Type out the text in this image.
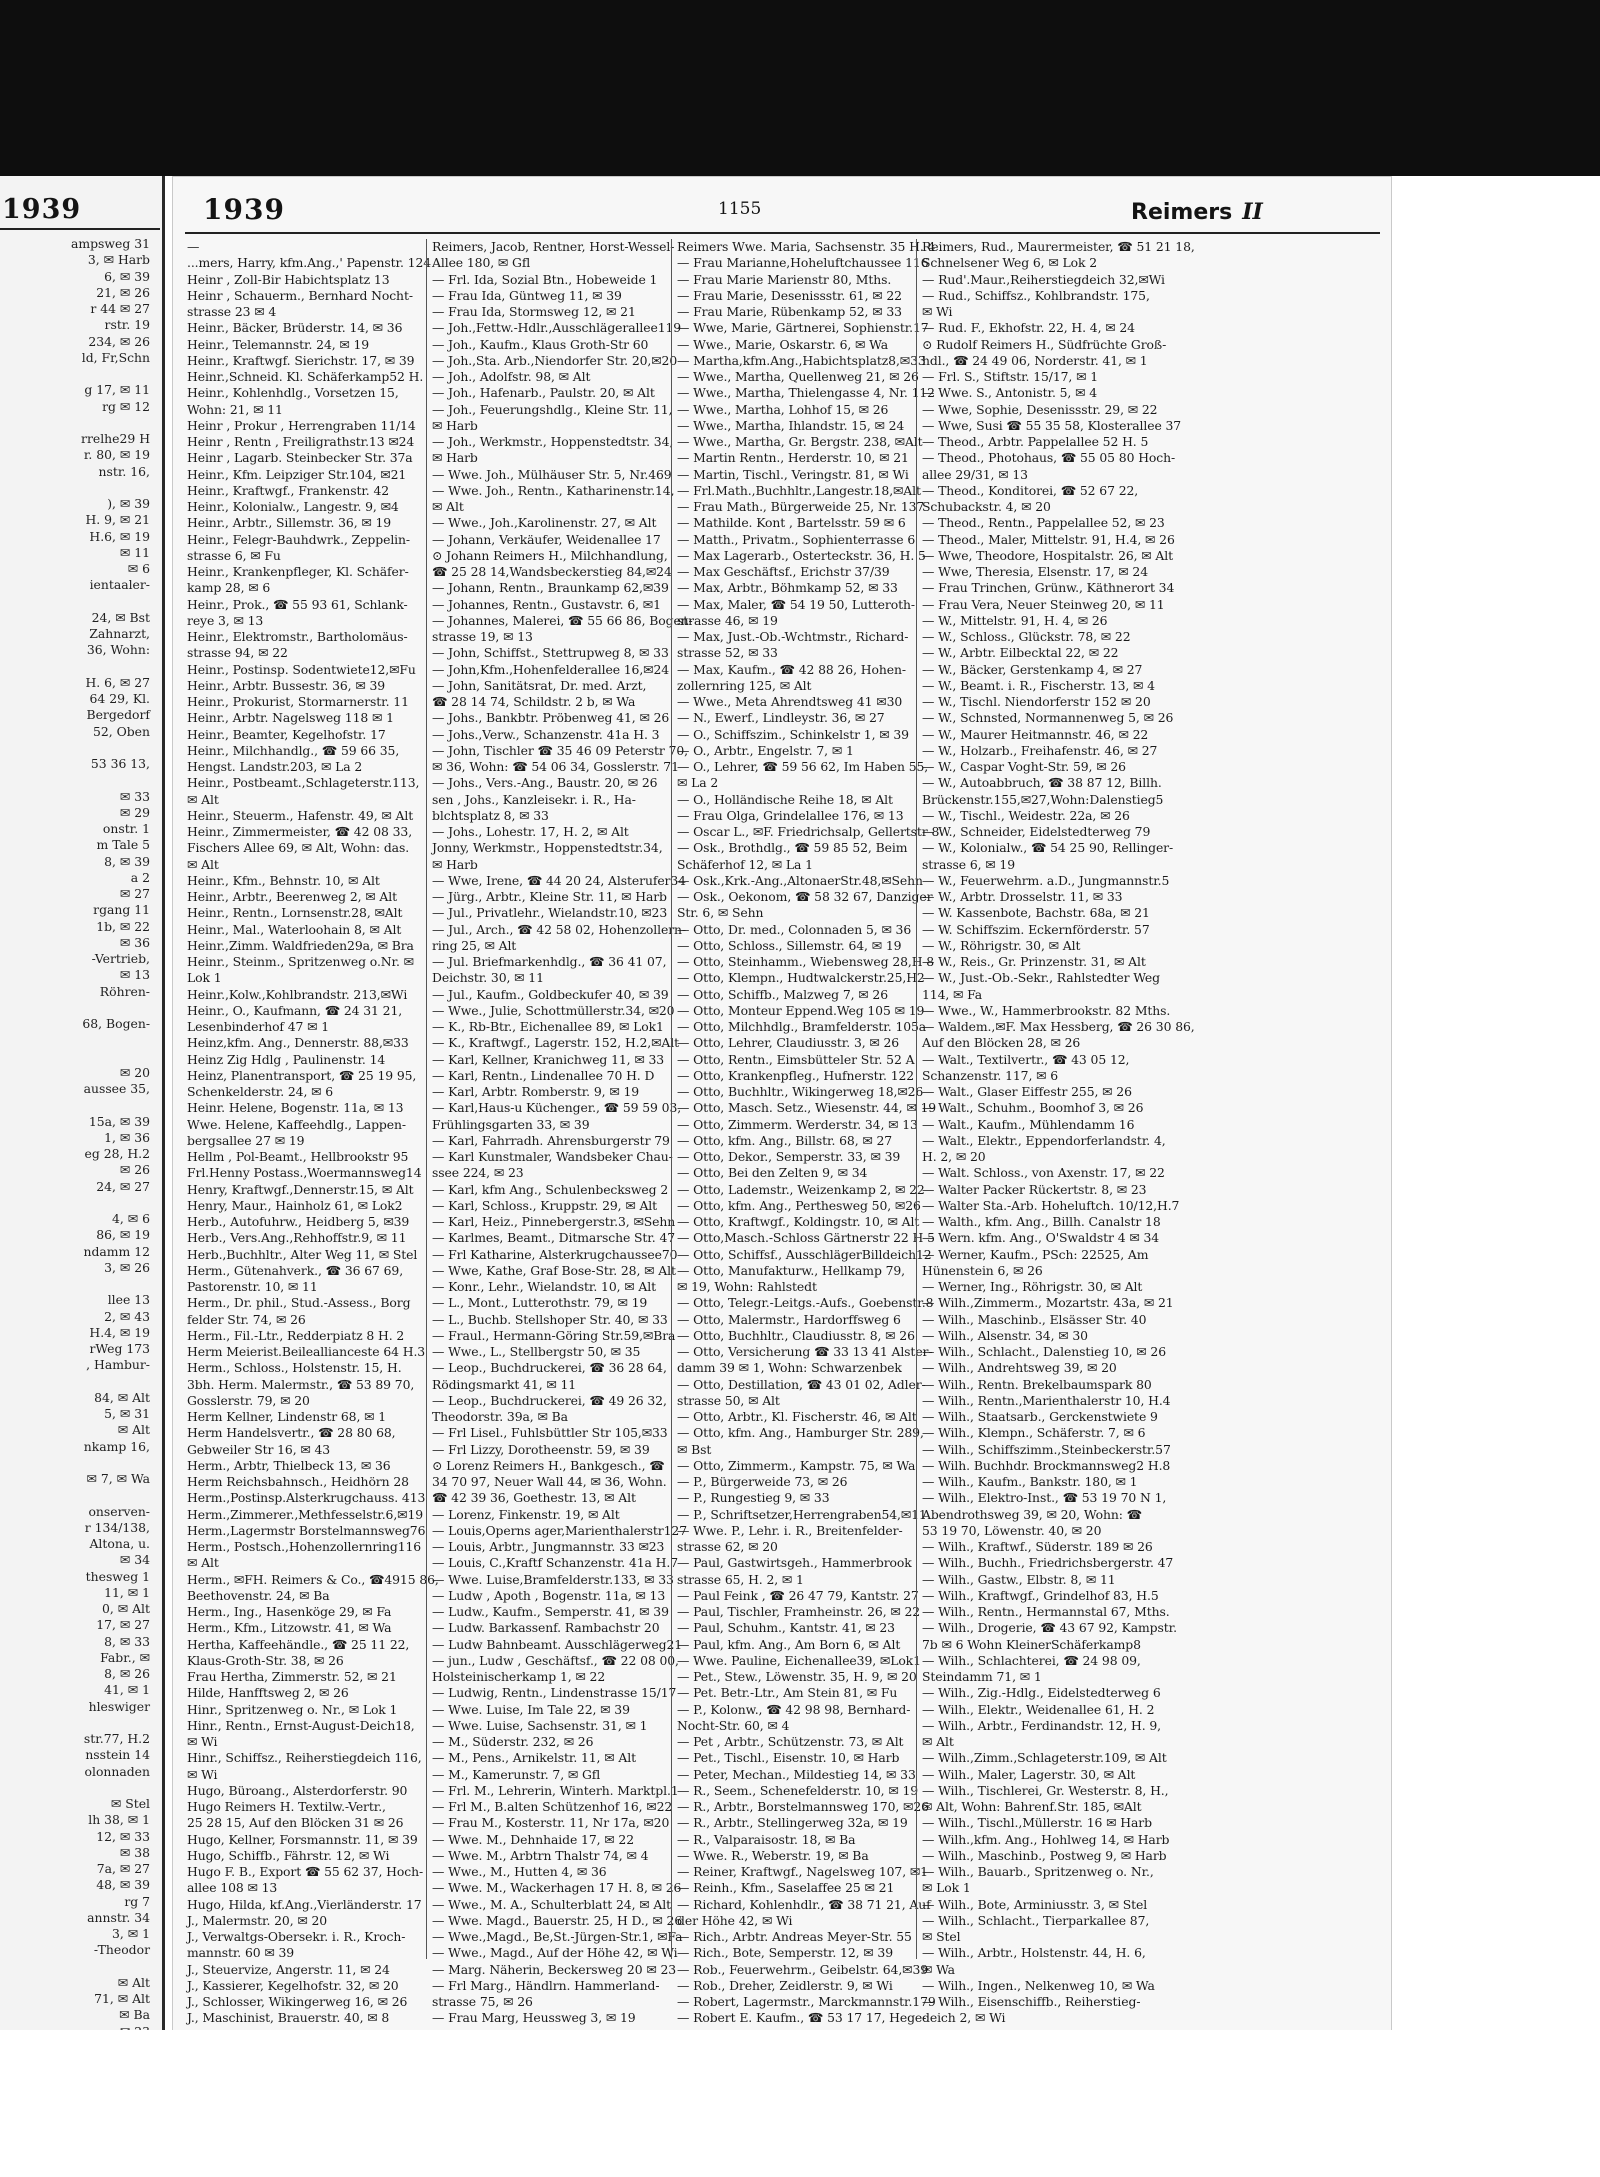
1939
ampsweg 31
3, ✉ Harb
6, ✉ 39
21, ✉ 26
r 44 ✉ 27
rstr. 19
234, ✉ 26
ld, Fr,Schn

g 17, ✉ 11
rg ✉ 12

rrelhe29 H
r. 80, ✉ 19
nstr. 16,

), ✉ 39
H. 9, ✉ 21
H.6, ✉ 19
✉ 11
✉ 6
ientaaler-

24, ✉ Bst
Zahnarzt,
36, Wohn:

H. 6, ✉ 27
64 29, Kl.
Bergedorf
52, Oben

53 36 13,

✉ 33
✉ 29
onstr. 1
m Tale 5
8, ✉ 39
a 2
✉ 27
rgang 11
1b, ✉ 22
✉ 36
-Vertrieb,
✉ 13
Röhren-

68, Bogen-

✉ 20
aussee 35,

15a, ✉ 39
1, ✉ 36
eg 28, H.2
✉ 26
24, ✉ 27

4, ✉ 6
86, ✉ 19
ndamm 12
3, ✉ 26

llee 13
2, ✉ 43
H.4, ✉ 19
rWeg 173
, Hambur-

84, ✉ Alt
5, ✉ 31
✉ Alt
nkamp 16,

✉ 7, ✉ Wa

onserven-
r 134/138,
Altona, u.
✉ 34
thesweg 1
11, ✉ 1
0, ✉ Alt
17, ✉ 27
8, ✉ 33
Fabr., ✉
8, ✉ 26
41, ✉ 1
hleswiger

str.77, H.2
nsstein 14
olonnaden

✉ Stel
lh 38, ✉ 1
12, ✉ 33
✉ 38
7a, ✉ 27
48, ✉ 39
rg 7
annstr. 34
3, ✉ 1
-Theodor

✉ Alt
71, ✉ Alt
✉ Ba

1939	1155	Reimers II
—
...mers, Harry, kfm.Ang.,' Papenstr. 124
Heinr , Zoll-Bir Habichtsplatz 13
Heinr , Schauerm., Bernhard Nocht-
strasse 23 ✉ 4
Heinr., Bäcker, Brüderstr. 14, ✉ 36
Heinr., Telemannstr. 24, ✉ 19
Heinr., Kraftwgf. Sierichstr. 17, ✉ 39
Heinr.,Schneid. Kl. Schäferkamp52 H.
Heinr., Kohlenhdlg., Vorsetzen 15,
Wohn: 21, ✉ 11
Heinr , Prokur , Herrengraben 11/14
Heinr , Rentn , Freiligrathstr.13 ✉24
Heinr , Lagarb. Steinbecker Str. 37a
Heinr., Kfm. Leipziger Str.104, ✉21
Heinr., Kraftwgf., Frankenstr. 42
Heinr., Kolonialw., Langestr. 9, ✉4
Heinr., Arbtr., Sillemstr. 36, ✉ 19
Heinr., Felegr-Bauhdwrk., Zeppelin-
strasse 6, ✉ Fu
Heinr., Krankenpfleger, Kl. Schäfer-
kamp 28, ✉ 6
Heinr., Prok., ☎ 55 93 61, Schlank-
reye 3, ✉ 13
Heinr., Elektromstr., Bartholomäus-
strasse 94, ✉ 22
Heinr., Postinsp. Sodentwiete12,✉Fu
Heinr., Arbtr. Bussestr. 36, ✉ 39
Heinr., Prokurist, Stormarnerstr. 11
Heinr., Arbtr. Nagelsweg 118 ✉ 1
Heinr., Beamter, Kegelhofstr. 17
Heinr., Milchhandlg., ☎ 59 66 35,
Hengst. Landstr.203, ✉ La 2
Heinr., Postbeamt.,Schlageterstr.113,
✉ Alt
Heinr., Steuerm., Hafenstr. 49, ✉ Alt
Heinr., Zimmermeister, ☎ 42 08 33,
Fischers Allee 69, ✉ Alt, Wohn: das.
✉ Alt
Heinr., Kfm., Behnstr. 10, ✉ Alt
Heinr., Arbtr., Beerenweg 2, ✉ Alt
Heinr., Rentn., Lornsenstr.28, ✉Alt
Heinr., Mal., Waterloohain 8, ✉ Alt
Heinr.,Zimm. Waldfrieden29a, ✉ Bra
Heinr., Steinm., Spritzenweg o.Nr. ✉
Lok 1
Heinr.,Kolw.,Kohlbrandstr. 213,✉Wi
Heinr., O., Kaufmann, ☎ 24 31 21,
Lesenbinderhof 47 ✉ 1
Heinz,kfm. Ang., Dennerstr. 88,✉33
Heinz Zig Hdlg , Paulinenstr. 14
Heinz, Planentransport, ☎ 25 19 95,
Schenkelderstr. 24, ✉ 6
Heinr. Helene, Bogenstr. 11a, ✉ 13
Wwe. Helene, Kaffeehdlg., Lappen-
bergsallee 27 ✉ 19
Hellm , Pol-Beamt., Hellbrookstr 95
Frl.Henny Postass.,Woermannsweg14
Henry, Kraftwgf.,Dennerstr.15, ✉ Alt
Henry, Maur., Hainholz 61, ✉ Lok2
Herb., Autofuhrw., Heidberg 5, ✉39
Herb., Vers.Ang.,Rehhoffstr.9, ✉ 11
Herb.,Buchhltr., Alter Weg 11, ✉ Stel
Herm., Gütenahverk., ☎ 36 67 69,
Pastorenstr. 10, ✉ 11
Herm., Dr. phil., Stud.-Assess., Borg
felder Str. 74, ✉ 26
Herm., Fil.-Ltr., Redderpiatz 8 H. 2
Herm Meierist.Beileallianceste 64 H.3
Herm., Schloss., Holstenstr. 15, H.
3bh. Herm. Malermstr., ☎ 53 89 70,
Gosslerstr. 79, ✉ 20
Herm Kellner, Lindenstr 68, ✉ 1
Herm Handelsvertr., ☎ 28 80 68,
Gebweiler Str 16, ✉ 43
Herm., Arbtr, Thielbeck 13, ✉ 36
Herm Reichsbahnsch., Heidhörn 28
Herm.,Postinsp.Alsterkrugchauss. 413
Herm.,Zimmerer.,Methfesselstr.6,✉19
Herm.,Lagermstr Borstelmannsweg76
Herm., Postsch.,Hohenzollernring116
✉ Alt
Herm., ✉FH. Reimers & Co., ☎4915 86,
Beethovenstr. 24, ✉ Ba
Herm., Ing., Hasenköge 29, ✉ Fa
Herm., Kfm., Litzowstr. 41, ✉ Wa
Hertha, Kaffeehändle., ☎ 25 11 22,
Klaus-Groth-Str. 38, ✉ 26
Frau Hertha, Zimmerstr. 52, ✉ 21
Hilde, Hanfftsweg 2, ✉ 26
Hinr., Spritzenweg o. Nr., ✉ Lok 1
Hinr., Rentn., Ernst-August-Deich18,
✉ Wi
Hinr., Schiffsz., Reiherstiegdeich 116,
✉ Wi
Hugo, Büroang., Alsterdorferstr. 90
Hugo Reimers H. Textilw.-Vertr.,
25 28 15, Auf den Blöcken 31 ✉ 26
Hugo, Kellner, Forsmannstr. 11, ✉ 39
Hugo, Schiffb., Fährstr. 12, ✉ Wi
Hugo F. B., Export ☎ 55 62 37, Hoch-
allee 108 ✉ 13
Hugo, Hilda, kf.Ang.,Vierländerstr. 17
J., Malermstr. 20, ✉ 20
J., Verwaltgs-Obersekr. i. R., Kroch-
mannstr. 60 ✉ 39
J., Steuervize, Angerstr. 11, ✉ 24
J., Kassierer, Kegelhofstr. 32, ✉ 20
J., Schlosser, Wikingerweg 16, ✉ 26
J., Maschinist, Brauerstr. 40, ✉ 8
Reimers, Jacob, Rentner, Horst-Wessel-
Allee 180, ✉ Gfl
— Frl. Ida, Sozial Btn., Hobeweide 1
— Frau Ida, Güntweg 11, ✉ 39
— Frau Ida, Stormsweg 12, ✉ 21
— Joh.,Fettw.-Hdlr.,Ausschlägerallee119
— Joh., Kaufm., Klaus Groth-Str 60
— Joh.,Sta. Arb.,Niendorfer Str. 20,✉20
— Joh., Adolfstr. 98, ✉ Alt
— Joh., Hafenarb., Paulstr. 20, ✉ Alt
— Joh., Feuerungshdlg., Kleine Str. 11,
✉ Harb
— Joh., Werkmstr., Hoppenstedtstr. 34,
✉ Harb
— Wwe. Joh., Mülhäuser Str. 5, Nr.469
— Wwe. Joh., Rentn., Katharinenstr.14,
✉ Alt
— Wwe., Joh.,Karolinenstr. 27, ✉ Alt
— Johann, Verkäufer, Weidenallee 17
⊙ Johann Reimers H., Milchhandlung,
☎ 25 28 14,Wandsbeckerstieg 84,✉24
— Johann, Rentn., Braunkamp 62,✉39
— Johannes, Rentn., Gustavstr. 6, ✉1
— Johannes, Malerei, ☎ 55 66 86, Bogen-
strasse 19, ✉ 13
— John, Schiffst., Stettrupweg 8, ✉ 33
— John,Kfm.,Hohenfelderallee 16,✉24
— John, Sanitätsrat, Dr. med. Arzt,
☎ 28 14 74, Schildstr. 2 b, ✉ Wa
— Johs., Bankbtr. Pröbenweg 41, ✉ 26
— Johs.,Verw., Schanzenstr. 41a H. 3
— John, Tischler ☎ 35 46 09 Peterstr 70,
✉ 36, Wohn: ☎ 54 06 34, Gosslerstr. 71
— Johs., Vers.-Ang., Baustr. 20, ✉ 26
sen , Johs., Kanzleisekr. i. R., Ha-
blchtsplatz 8, ✉ 33
— Johs., Lohestr. 17, H. 2, ✉ Alt
Jonny, Werkmstr., Hoppenstedtstr.34,
✉ Harb
— Wwe, Irene, ☎ 44 20 24, Alsterufer34
— Jürg., Arbtr., Kleine Str. 11, ✉ Harb
— Jul., Privatlehr., Wielandstr.10, ✉23
— Jul., Arch., ☎ 42 58 02, Hohenzollern-
ring 25, ✉ Alt
— Jul. Briefmarkenhdlg., ☎ 36 41 07,
Deichstr. 30, ✉ 11
— Jul., Kaufm., Goldbeckufer 40, ✉ 39
— Wwe., Julie, Schottmüllerstr.34, ✉20
— K., Rb-Btr., Eichenallee 89, ✉ Lok1
— K., Kraftwgf., Lagerstr. 152, H.2,✉Alt
— Karl, Kellner, Kranichweg 11, ✉ 33
— Karl, Rentn., Lindenallee 70 H. D
— Karl, Arbtr. Romberstr. 9, ✉ 19
— Karl,Haus-u Küchenger., ☎ 59 59 03,
Frühlingsgarten 33, ✉ 39
— Karl, Fahrradh. Ahrensburgerstr 79
— Karl Kunstmaler, Wandsbeker Chau-
ssee 224, ✉ 23
— Karl, kfm Ang., Schulenbecksweg 2
— Karl, Schloss., Kruppstr. 29, ✉ Alt
— Karl, Heiz., Pinnebergerstr.3, ✉Sehn
— Karlmes, Beamt., Ditmarsche Str. 47
— Frl Katharine, Alsterkrugchaussee70
— Wwe, Kathe, Graf Bose-Str. 28, ✉ Alt
— Konr., Lehr., Wielandstr. 10, ✉ Alt
— L., Mont., Lutterothstr. 79, ✉ 19
— L., Buchb. Stellshoper Str. 40, ✉ 33
— Fraul., Hermann-Göring Str.59,✉Bra
— Wwe., L., Stellbergstr 50, ✉ 35
— Leop., Buchdruckerei, ☎ 36 28 64,
Rödingsmarkt 41, ✉ 11
— Leop., Buchdruckerei, ☎ 49 26 32,
Theodorstr. 39a, ✉ Ba
— Frl Lisel., Fuhlsbüttler Str 105,✉33
— Frl Lizzy, Dorotheenstr. 59, ✉ 39
⊙ Lorenz Reimers H., Bankgesch., ☎
34 70 97, Neuer Wall 44, ✉ 36, Wohn.
☎ 42 39 36, Goethestr. 13, ✉ Alt
— Lorenz, Finkenstr. 19, ✉ Alt
— Louis,Operns ager,Marienthalerstr127
— Louis, Arbtr., Jungmannstr. 33 ✉23
— Louis, C.,Kraftf Schanzenstr. 41a H.7
— Wwe. Luise,Bramfelderstr.133, ✉ 33
— Ludw , Apoth , Bogenstr. 11a, ✉ 13
— Ludw., Kaufm., Semperstr. 41, ✉ 39
— Ludw. Barkassenf. Rambachstr 20
— Ludw Bahnbeamt. Ausschlägerweg21
— jun., Ludw , Geschäftsf., ☎ 22 08 00,
Holsteinischerkamp 1, ✉ 22
— Ludwig, Rentn., Lindenstrasse 15/17
— Wwe. Luise, Im Tale 22, ✉ 39
— Wwe. Luise, Sachsenstr. 31, ✉ 1
— M., Süderstr. 232, ✉ 26
— M., Pens., Arnikelstr. 11, ✉ Alt
— M., Kamerunstr. 7, ✉ Gfl
— Frl. M., Lehrerin, Winterh. Marktpl.1
— Frl M., B.alten Schützenhof 16, ✉22
— Frau M., Kosterstr. 11, Nr 17a, ✉20
— Wwe. M., Dehnhaide 17, ✉ 22
— Wwe. M., Arbtrn Thalstr 74, ✉ 4
— Wwe., M., Hutten 4, ✉ 36
— Wwe. M., Wackerhagen 17 H. 8, ✉ 26
— Wwe., M. A., Schulterblatt 24, ✉ Alt
— Wwe. Magd., Bauerstr. 25, H D., ✉ 26
— Wwe.,Magd., Be,St.-Jürgen-Str.1, ✉Fa
— Wwe., Magd., Auf der Höhe 42, ✉ Wi
— Marg. Näherin, Beckersweg 20 ✉ 23
— Frl Marg., Händlrn. Hammerland-
strasse 75, ✉ 26
— Frau Marg, Heussweg 3, ✉ 19
Reimers Wwe. Maria, Sachsenstr. 35 H. 4
— Frau Marianne,Hoheluftchaussee 116
— Frau Marie Marienstr 80, Mths.
— Frau Marie, Desenissstr. 61, ✉ 22
— Frau Marie, Rübenkamp 52, ✉ 33
— Wwe, Marie, Gärtnerei, Sophienstr.17
— Wwe., Marie, Oskarstr. 6, ✉ Wa
— Martha,kfm.Ang.,Habichtsplatz8,✉33
— Wwe., Martha, Quellenweg 21, ✉ 26
— Wwe., Martha, Thielengasse 4, Nr. 112
— Wwe., Martha, Lohhof 15, ✉ 26
— Wwe., Martha, Ihlandstr. 15, ✉ 24
— Wwe., Martha, Gr. Bergstr. 238, ✉Alt
— Martin Rentn., Herderstr. 10, ✉ 21
— Martin, Tischl., Veringstr. 81, ✉ Wi
— Frl.Math.,Buchhltr.,Langestr.18,✉Alt
— Frau Math., Bürgerweide 25, Nr. 137
— Mathilde. Kont , Bartelsstr. 59 ✉ 6
— Matth., Privatm., Sophienterrasse 6
— Max Lagerarb., Osterteckstr. 36, H. 5
— Max Geschäftsf., Erichstr 37/39
— Max, Arbtr., Böhmkamp 52, ✉ 33
— Max, Maler, ☎ 54 19 50, Lutteroth-
strasse 46, ✉ 19
— Max, Just.-Ob.-Wchtmstr., Richard-
strasse 52, ✉ 33
— Max, Kaufm., ☎ 42 88 26, Hohen-
zollernring 125, ✉ Alt
— Wwe., Meta Ahrendtsweg 41 ✉30
— N., Ewerf., Lindleystr. 36, ✉ 27
— O., Schiffszim., Schinkelstr 1, ✉ 39
— O., Arbtr., Engelstr. 7, ✉ 1
— O., Lehrer, ☎ 59 56 62, Im Haben 55,
✉ La 2
— O., Holländische Reihe 18, ✉ Alt
— Frau Olga, Grindelallee 176, ✉ 13
— Oscar L., ✉F. Friedrichsalp, Gellertstr 8
— Osk., Brothdlg., ☎ 59 85 52, Beim
Schäferhof 12, ✉ La 1
— Osk.,Krk.-Ang.,AltonaerStr.48,✉Sehn
— Osk., Oekonom, ☎ 58 32 67, Danziger
Str. 6, ✉ Sehn
— Otto, Dr. med., Colonnaden 5, ✉ 36
— Otto, Schloss., Sillemstr. 64, ✉ 19
— Otto, Steinhamm., Wiebensweg 28,H 8
— Otto, Klempn., Hudtwalckerstr.25,H2
— Otto, Schiffb., Malzweg 7, ✉ 26
— Otto, Monteur Eppend.Weg 105 ✉ 19
— Otto, Milchhdlg., Bramfelderstr. 105a
— Otto, Lehrer, Claudiusstr. 3, ✉ 26
— Otto, Rentn., Eimsbütteler Str. 52 A
— Otto, Krankenpfleg., Hufnerstr. 122
— Otto, Buchhltr., Wikingerweg 18,✉26
— Otto, Masch. Setz., Wiesenstr. 44, ✉ 19
— Otto, Zimmerm. Werderstr. 34, ✉ 13
— Otto, kfm. Ang., Billstr. 68, ✉ 27
— Otto, Dekor., Semperstr. 33, ✉ 39
— Otto, Bei den Zelten 9, ✉ 34
— Otto, Lademstr., Weizenkamp 2, ✉ 22
— Otto, kfm. Ang., Perthesweg 50, ✉26
— Otto, Kraftwgf., Koldingstr. 10, ✉ Alt
— Otto,Masch.-Schloss Gärtnerstr 22 H 5
— Otto, Schiffsf., AusschlägerBilldeich12
— Otto, Manufakturw., Hellkamp 79,
✉ 19, Wohn: Rahlstedt
— Otto, Telegr.-Leitgs.-Aufs., Goebenstr.8
— Otto, Malermstr., Hardorffsweg 6
— Otto, Buchhltr., Claudiusstr. 8, ✉ 26
— Otto, Versicherung ☎ 33 13 41 Alster-
damm 39 ✉ 1, Wohn: Schwarzenbek
— Otto, Destillation, ☎ 43 01 02, Adler-
strasse 50, ✉ Alt
— Otto, Arbtr., Kl. Fischerstr. 46, ✉ Alt
— Otto, kfm. Ang., Hamburger Str. 289,
✉ Bst
— Otto, Zimmerm., Kampstr. 75, ✉ Wa
— P., Bürgerweide 73, ✉ 26
— P., Rungestieg 9, ✉ 33
— P., Schriftsetzer,Herrengraben54,✉11
— Wwe. P., Lehr. i. R., Breitenfelder-
strasse 62, ✉ 20
— Paul, Gastwirtsgeh., Hammerbrook
strasse 65, H. 2, ✉ 1
— Paul Feink , ☎ 26 47 79, Kantstr. 27
— Paul, Tischler, Framheinstr. 26, ✉ 22
— Paul, Schuhm., Kantstr. 41, ✉ 23
— Paul, kfm. Ang., Am Born 6, ✉ Alt
— Wwe. Pauline, Eichenallee39, ✉Lok1
— Pet., Stew., Löwenstr. 35, H. 9, ✉ 20
— Pet. Betr.-Ltr., Am Stein 81, ✉ Fu
— P., Kolonw., ☎ 42 98 98, Bernhard-
Nocht-Str. 60, ✉ 4
— Pet , Arbtr., Schützenstr. 73, ✉ Alt
— Pet., Tischl., Eisenstr. 10, ✉ Harb
— Peter, Mechan., Mildestieg 14, ✉ 33
— R., Seem., Schenefelderstr. 10, ✉ 19
— R., Arbtr., Borstelmannsweg 170, ✉26
— R., Arbtr., Stellingerweg 32a, ✉ 19
— R., Valparaisostr. 18, ✉ Ba
— Wwe. R., Weberstr. 19, ✉ Ba
— Reiner, Kraftwgf., Nagelsweg 107, ✉1
— Reinh., Kfm., Saselaffee 25 ✉ 21
— Richard, Kohlenhdlr., ☎ 38 71 21, Auf
der Höhe 42, ✉ Wi
— Rich., Arbtr. Andreas Meyer-Str. 55
— Rich., Bote, Semperstr. 12, ✉ 39
— Rob., Feuerwehrm., Geibelstr. 64,✉39
— Rob., Dreher, Zeidlerstr. 9, ✉ Wi
— Robert, Lagermstr., Marckmannstr.179
— Robert E. Kaufm., ☎ 53 17 17, Hege-
Reimers, Rud., Maurermeister, ☎ 51 21 18,
Schnelsener Weg 6, ✉ Lok 2
— Rud'.Maur.,Reiherstiegdeich 32,✉Wi
— Rud., Schiffsz., Kohlbrandstr. 175,
✉ Wi
— Rud. F., Ekhofstr. 22, H. 4, ✉ 24
⊙ Rudolf Reimers H., Südfrüchte Groß-
hdl., ☎ 24 49 06, Norderstr. 41, ✉ 1
— Frl. S., Stiftstr. 15/17, ✉ 1
— Wwe. S., Antonistr. 5, ✉ 4
— Wwe, Sophie, Desenissstr. 29, ✉ 22
— Wwe, Susi ☎ 55 35 58, Klosterallee 37
— Theod., Arbtr. Pappelallee 52 H. 5
— Theod., Photohaus, ☎ 55 05 80 Hoch-
allee 29/31, ✉ 13
— Theod., Konditorei, ☎ 52 67 22,
Schubackstr. 4, ✉ 20
— Theod., Rentn., Pappelallee 52, ✉ 23
— Theod., Maler, Mittelstr. 91, H.4, ✉ 26
— Wwe, Theodore, Hospitalstr. 26, ✉ Alt
— Wwe, Theresia, Elsenstr. 17, ✉ 24
— Frau Trinchen, Grünw., Käthnerort 34
— Frau Vera, Neuer Steinweg 20, ✉ 11
— W., Mittelstr. 91, H. 4, ✉ 26
— W., Schloss., Glückstr. 78, ✉ 22
— W., Arbtr. Eilbecktal 22, ✉ 22
— W., Bäcker, Gerstenkamp 4, ✉ 27
— W., Beamt. i. R., Fischerstr. 13, ✉ 4
— W., Tischl. Niendorferstr 152 ✉ 20
— W., Schnsted, Normannenweg 5, ✉ 26
— W., Maurer Heitmannstr. 46, ✉ 22
— W., Holzarb., Freihafenstr. 46, ✉ 27
— W., Caspar Voght-Str. 59, ✉ 26
— W., Autoabbruch, ☎ 38 87 12, Billh.
Brückenstr.155,✉27,Wohn:Dalenstieg5
— W., Tischl., Weidestr. 22a, ✉ 26
— W., Schneider, Eidelstedterweg 79
— W., Kolonialw., ☎ 54 25 90, Rellinger-
strasse 6, ✉ 19
— W., Feuerwehrm. a.D., Jungmannstr.5
— W., Arbtr. Drosselstr. 11, ✉ 33
— W. Kassenbote, Bachstr. 68a, ✉ 21
— W. Schiffszim. Eckernförderstr. 57
— W., Röhrigstr. 30, ✉ Alt
— W., Reis., Gr. Prinzenstr. 31, ✉ Alt
— W., Just.-Ob.-Sekr., Rahlstedter Weg
114, ✉ Fa
— Wwe., W., Hammerbrookstr. 82 Mths.
— Waldem.,✉F. Max Hessberg, ☎ 26 30 86,
Auf den Blöcken 28, ✉ 26
— Walt., Textilvertr., ☎ 43 05 12,
Schanzenstr. 117, ✉ 6
— Walt., Glaser Eiffestr 255, ✉ 26
— Walt., Schuhm., Boomhof 3, ✉ 26
— Walt., Kaufm., Mühlendamm 16
— Walt., Elektr., Eppendorferlandstr. 4,
H. 2, ✉ 20
— Walt. Schloss., von Axenstr. 17, ✉ 22
— Walter Packer Rückertstr. 8, ✉ 23
— Walter Sta.-Arb. Hoheluftch. 10/12,H.7
— Walth., kfm. Ang., Billh. Canalstr 18
— Wern. kfm. Ang., O'Swaldstr 4 ✉ 34
— Werner, Kaufm., PSch: 22525, Am
Hünenstein 6, ✉ 26
— Werner, Ing., Röhrigstr. 30, ✉ Alt
— Wilh.,Zimmerm., Mozartstr. 43a, ✉ 21
— Wilh., Maschinb., Elsässer Str. 40
— Wilh., Alsenstr. 34, ✉ 30
— Wilh., Schlacht., Dalenstieg 10, ✉ 26
— Wilh., Andrehtsweg 39, ✉ 20
— Wilh., Rentn. Brekelbaumspark 80
— Wilh., Rentn.,Marienthalerstr 10, H.4
— Wilh., Staatsarb., Gerckenstwiete 9
— Wilh., Klempn., Schäferstr. 7, ✉ 6
— Wilh., Schiffszimm.,Steinbeckerstr.57
— Wilh. Buchhdr. Brockmannsweg2 H.8
— Wilh., Kaufm., Bankstr. 180, ✉ 1
— Wilh., Elektro-Inst., ☎ 53 19 70 N 1,
Abendrothsweg 39, ✉ 20, Wohn: ☎
53 19 70, Löwenstr. 40, ✉ 20
— Wilh., Kraftwf., Süderstr. 189 ✉ 26
— Wilh., Buchh., Friedrichsbergerstr. 47
— Wilh., Gastw., Elbstr. 8, ✉ 11
— Wilh., Kraftwgf., Grindelhof 83, H.5
— Wilh., Rentn., Hermannstal 67, Mths.
— Wilh., Drogerie, ☎ 43 67 92, Kampstr.
7b ✉ 6 Wohn KleinerSchäferkamp8
— Wilh., Schlachterei, ☎ 24 98 09,
Steindamm 71, ✉ 1
— Wilh., Zig.-Hdlg., Eidelstedterweg 6
— Wilh., Elektr., Weidenallee 61, H. 2
— Wilh., Arbtr., Ferdinandstr. 12, H. 9,
✉ Alt
— Wilh.,Zimm.,Schlageterstr.109, ✉ Alt
— Wilh., Maler, Lagerstr. 30, ✉ Alt
— Wilh., Tischlerei, Gr. Westerstr. 8, H.,
✉ Alt, Wohn: Bahrenf.Str. 185, ✉Alt
— Wilh., Tischl.,Müllerstr. 16 ✉ Harb
— Wilh.,kfm. Ang., Hohlweg 14, ✉ Harb
— Wilh., Maschinb., Postweg 9, ✉ Harb
— Wilh., Bauarb., Spritzenweg o. Nr.,
✉ Lok 1
— Wilh., Bote, Arminiusstr. 3, ✉ Stel
— Wilh., Schlacht., Tierparkallee 87,
✉ Stel
— Wilh., Arbtr., Holstenstr. 44, H. 6,
✉ Wa
— Wilh., Ingen., Nelkenweg 10, ✉ Wa
— Wilh., Eisenschiffb., Reiherstieg-
deich 2, ✉ Wi
